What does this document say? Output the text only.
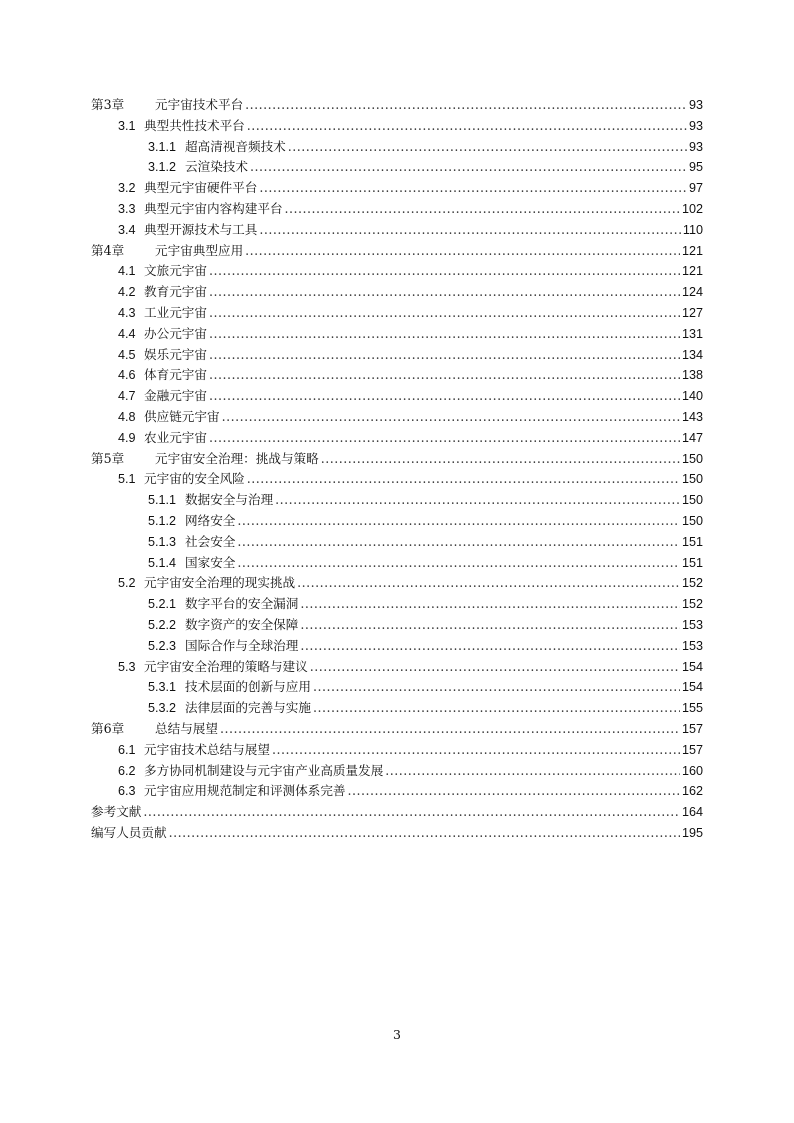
第3章	元宇宙技术平台 .....	93
3.1 典型共性技术平台 .....	93
3.1.1 超高清视音频技术 .....	93
3.1.2 云渲染技术 .....	95
3.2 典型元宇宙硬件平台 .....	97
3.3 典型元宇宙内容构建平台 .....	102
3.4 典型开源技术与工具 .....	110
第4章	元宇宙典型应用 .....	121
4.1 文旅元宇宙 .....	121
4.2 教育元宇宙 .....	124
4.3 工业元宇宙 .....	127
4.4 办公元宇宙 .....	131
4.5 娱乐元宇宙 .....	134
4.6 体育元宇宙 .....	138
4.7 金融元宇宙 .....	140
4.8 供应链元宇宙 .....	143
4.9 农业元宇宙 .....	147
第5章	元宇宙安全治理：挑战与策略 .....	150
5.1 元宇宙的安全风险 .....	150
5.1.1 数据安全与治理 .....	150
5.1.2 网络安全 .....	150
5.1.3 社会安全 .....	151
5.1.4 国家安全 .....	151
5.2 元宇宙安全治理的现实挑战 .....	152
5.2.1 数字平台的安全漏洞 .....	152
5.2.2 数字资产的安全保障 .....	153
5.2.3 国际合作与全球治理 .....	153
5.3 元宇宙安全治理的策略与建议 .....	154
5.3.1 技术层面的创新与应用 .....	154
5.3.2 法律层面的完善与实施 .....	155
第6章	总结与展望 .....	157
6.1 元宇宙技术总结与展望 .....	157
6.2 多方协同机制建设与元宇宙产业高质量发展 .....	160
6.3 元宇宙应用规范制定和评测体系完善 .....	162
参考文献 .....	164
编写人员贡献 .....	195
3
